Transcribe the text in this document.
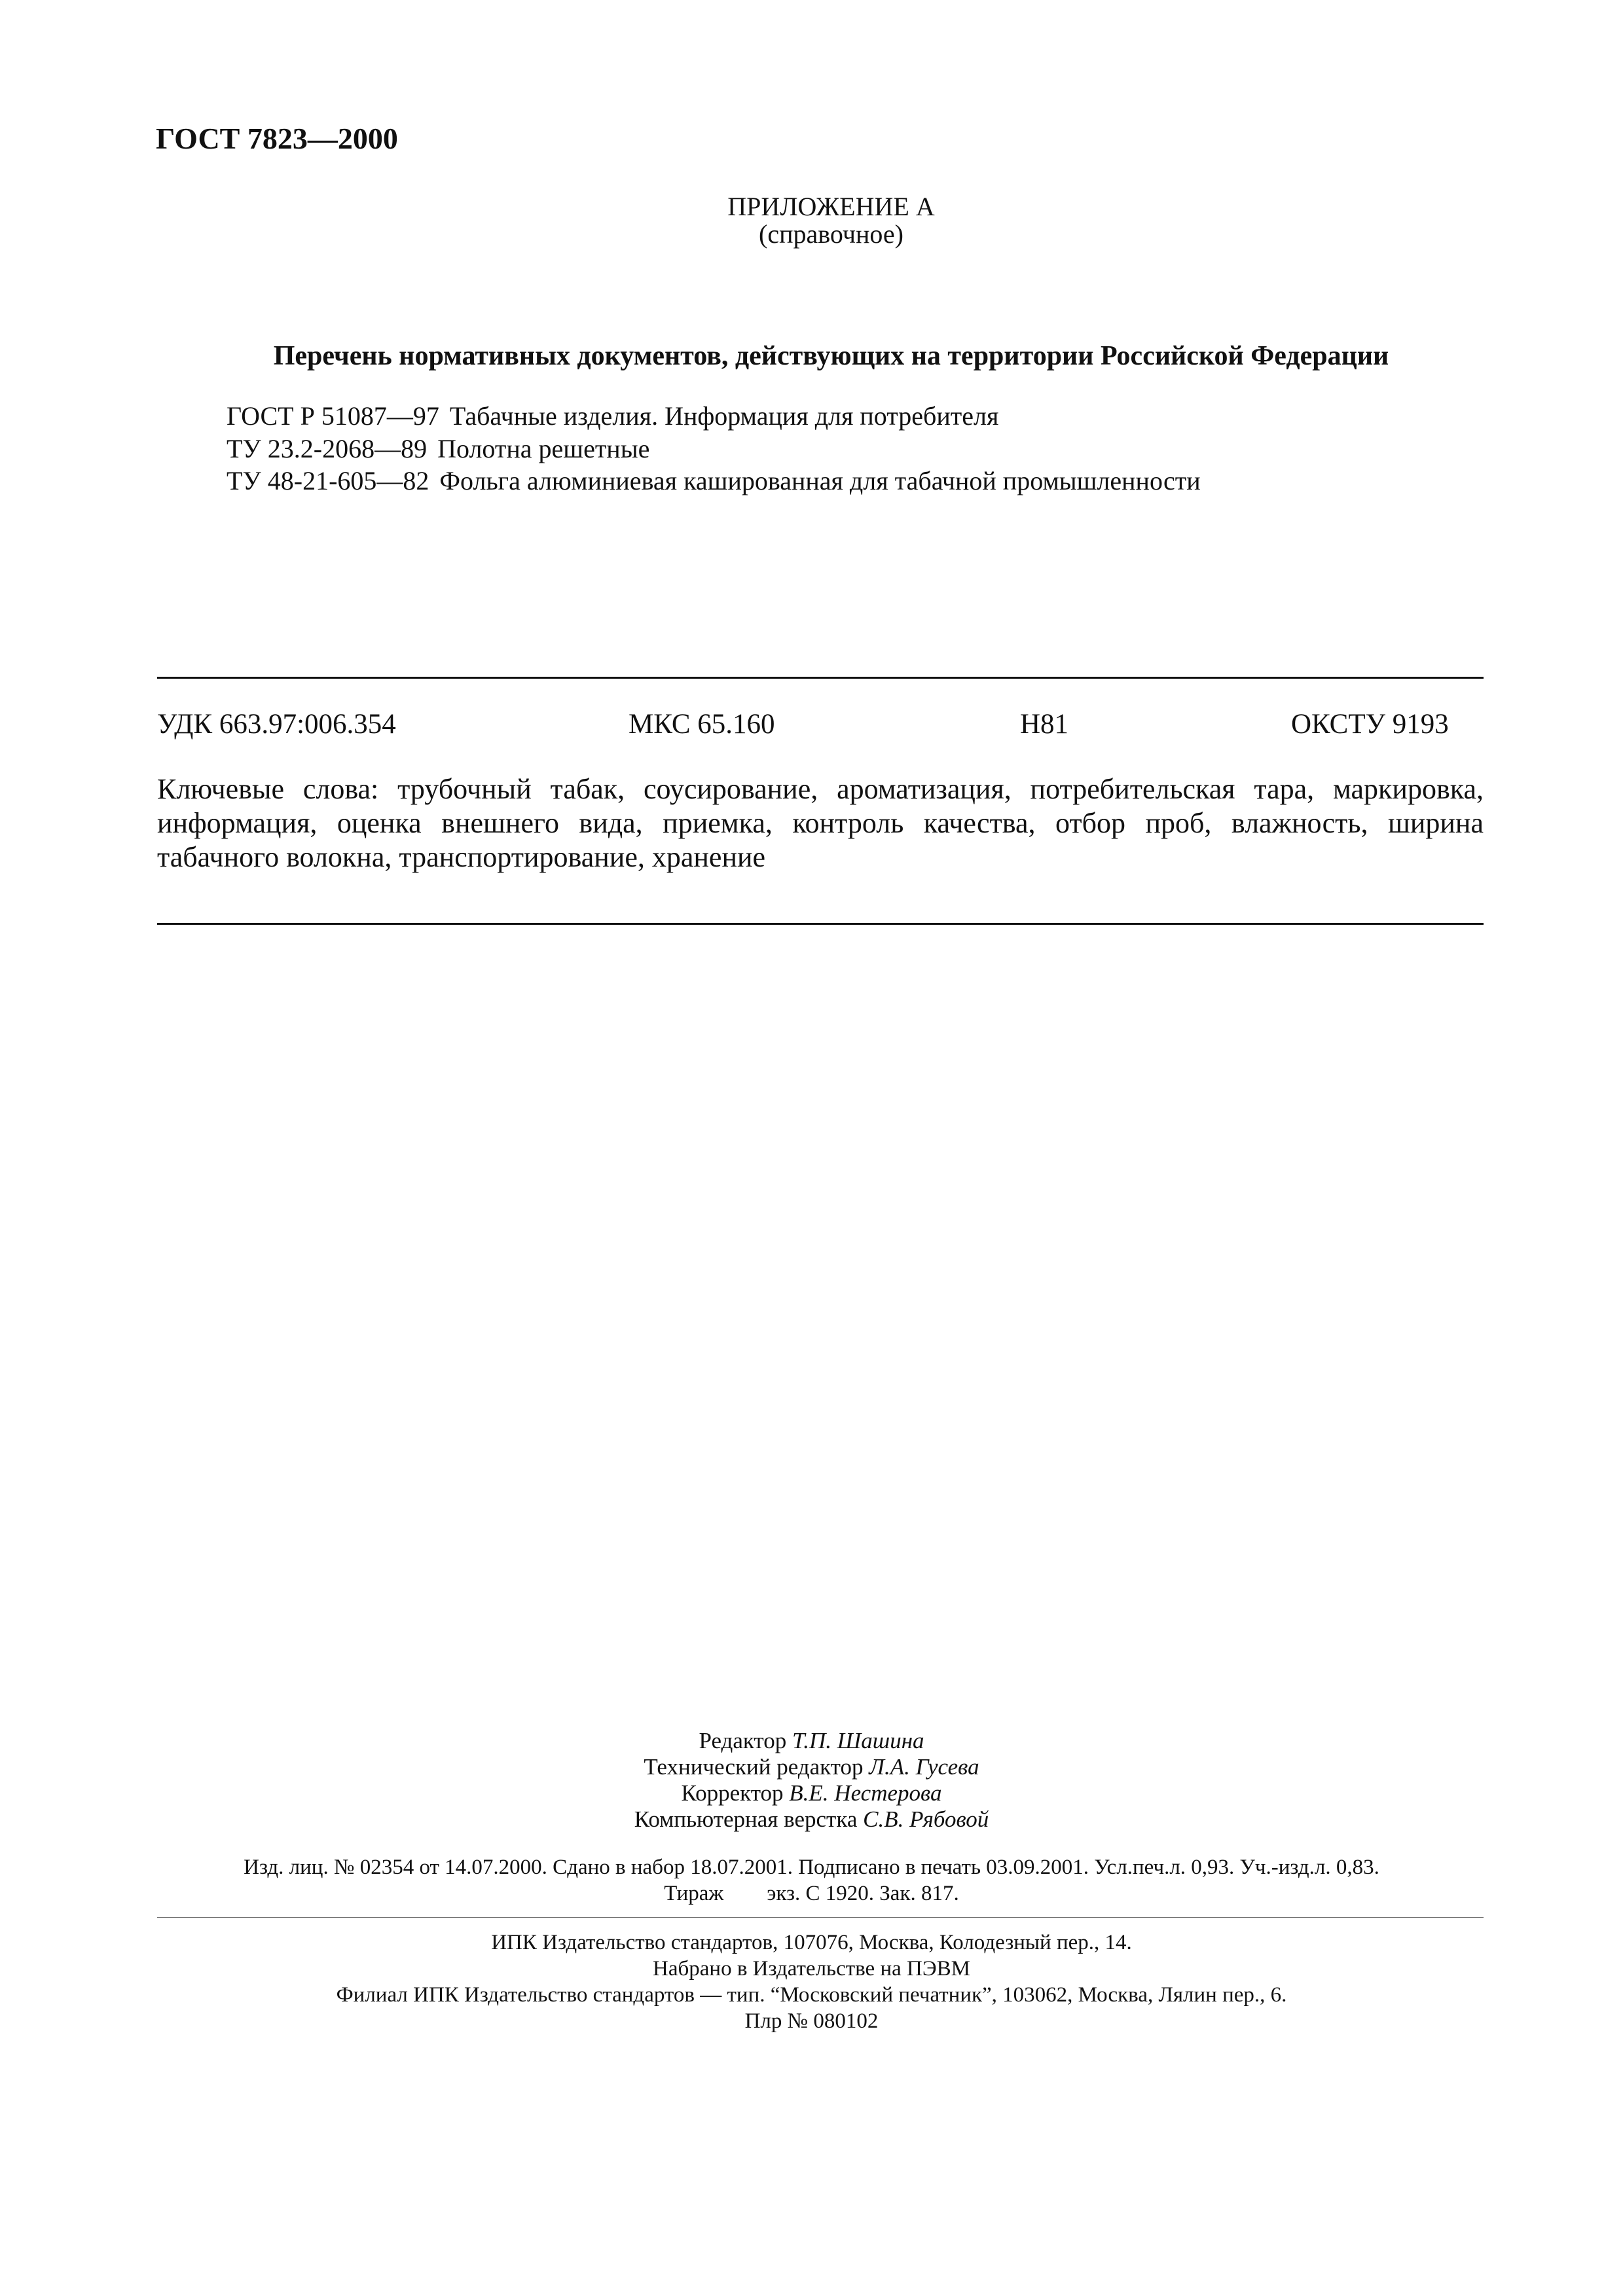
ГОСТ 7823—2000
ПРИЛОЖЕНИЕ А
(справочное)
Перечень нормативных документов, действующих на территории Российской Федерации
ГОСТ Р 51087—97 Табачные изделия. Информация для потребителя
ТУ 23.2-2068—89 Полотна решетные
ТУ 48-21-605—82 Фольга алюминиевая кашированная для табачной промышленности
УДК 663.97:006.354	МКС 65.160	Н81	ОКСТУ 9193
Ключевые слова: трубочный табак, соусирование, ароматизация, потребительская тара, маркировка, информация, оценка внешнего вида, приемка, контроль качества, отбор проб, влажность, ширина табачного волокна, транспортирование, хранение
Редактор Т.П. Шашина
Технический редактор Л.А. Гусева
Корректор В.Е. Нестерова
Компьютерная верстка С.В. Рябовой
Изд. лиц. № 02354 от 14.07.2000. Сдано в набор 18.07.2001. Подписано в печать 03.09.2001. Усл.печ.л. 0,93. Уч.-изд.л. 0,83.
Тираж        экз. С 1920. Зак. 817.
ИПК Издательство стандартов, 107076, Москва, Колодезный пер., 14.
Набрано в Издательстве на ПЭВМ
Филиал ИПК Издательство стандартов — тип. “Московский печатник”, 103062, Москва, Лялин пер., 6.
Плр № 080102
